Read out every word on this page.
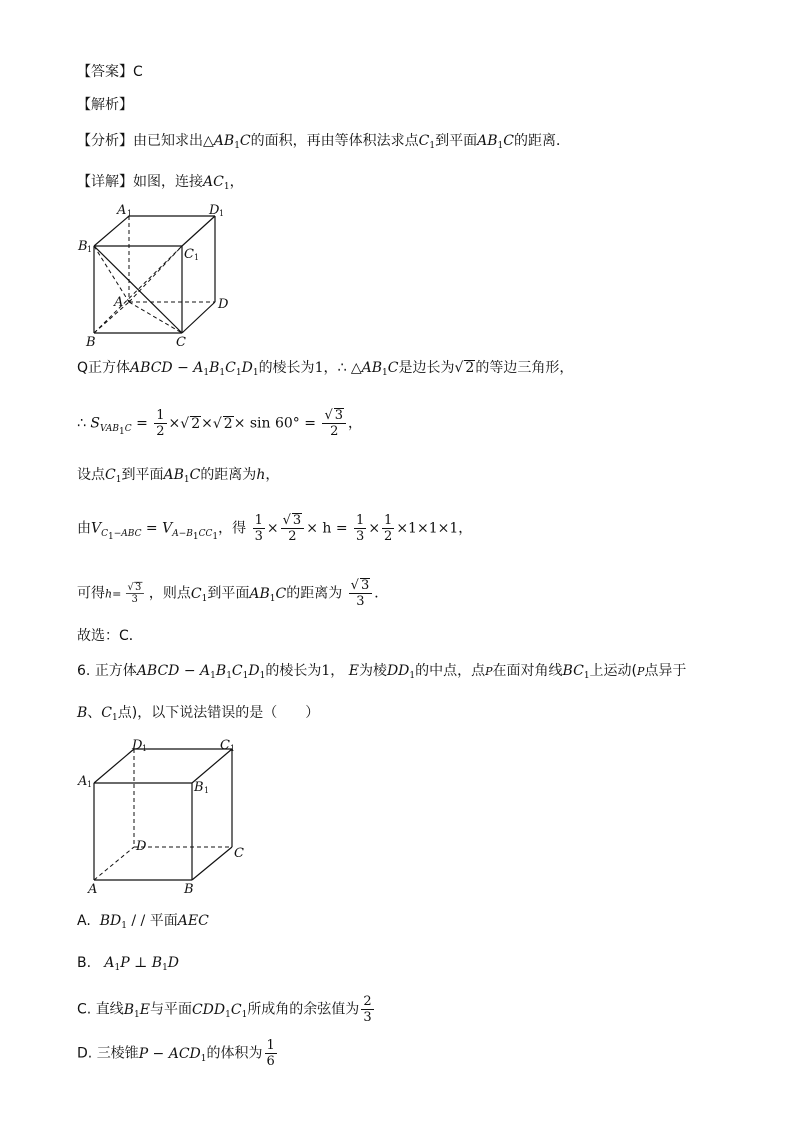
【答案】C
【解析】
【分析】由已知求出$\triangle AB_1C$的面积，再由等体积法求点$C_1$到平面$AB_1C$的距离．
【详解】如图，连接$AC_1$，
A 1	D 1
B 1	C 1
A	D
B	C
Q正方体ABCD − $A_1B_1C_1D_1$的棱长为1，∴ $\triangle AB_1C$是边长为√ 2的等边三角形，
∴ $S_{VAB_1C} = \frac{1}{2}$ ×√ 2×√ $2\times \sin 60^\circ = \frac{√ 3}{2}$ ，
设点$C_1$到平面$AB_1C$的距离为h，
由$V_{C_1-ABC} = V_{A-B_1CC_1}$，得 $\frac{1}{3} \times \frac{√ 3}{2} \times h = \frac{1}{3} \times \frac{1}{2} \times 1\times 1\times 1$，
可得$h= \frac{√ 3}{3}$ ，则点$C_1$到平面$AB_1C$的距离为 $\frac{√ 3}{3}$ ．
故选：C．
6. 正方体ABCD − $A_1B_1C_1D_1$的棱长为1， E为棱$DD_1$的中点，点P在面对角线$BC_1$上运动(P点异于
B、$C_1$点)，以下说法错误的是（　　）
D 1	C 1
A 1	B 1
D	C
A	B
A. $BD_1$ / / 平面AEC
B. $A_1P$ ⊥ $B_1D$
C. 直线$B_1E$与平面$CDD_1C_1$所成角的余弦值为 $\frac{2}{3}$
D. 三棱锥$P - ACD_1$的体积为 $\frac{1}{6}$
